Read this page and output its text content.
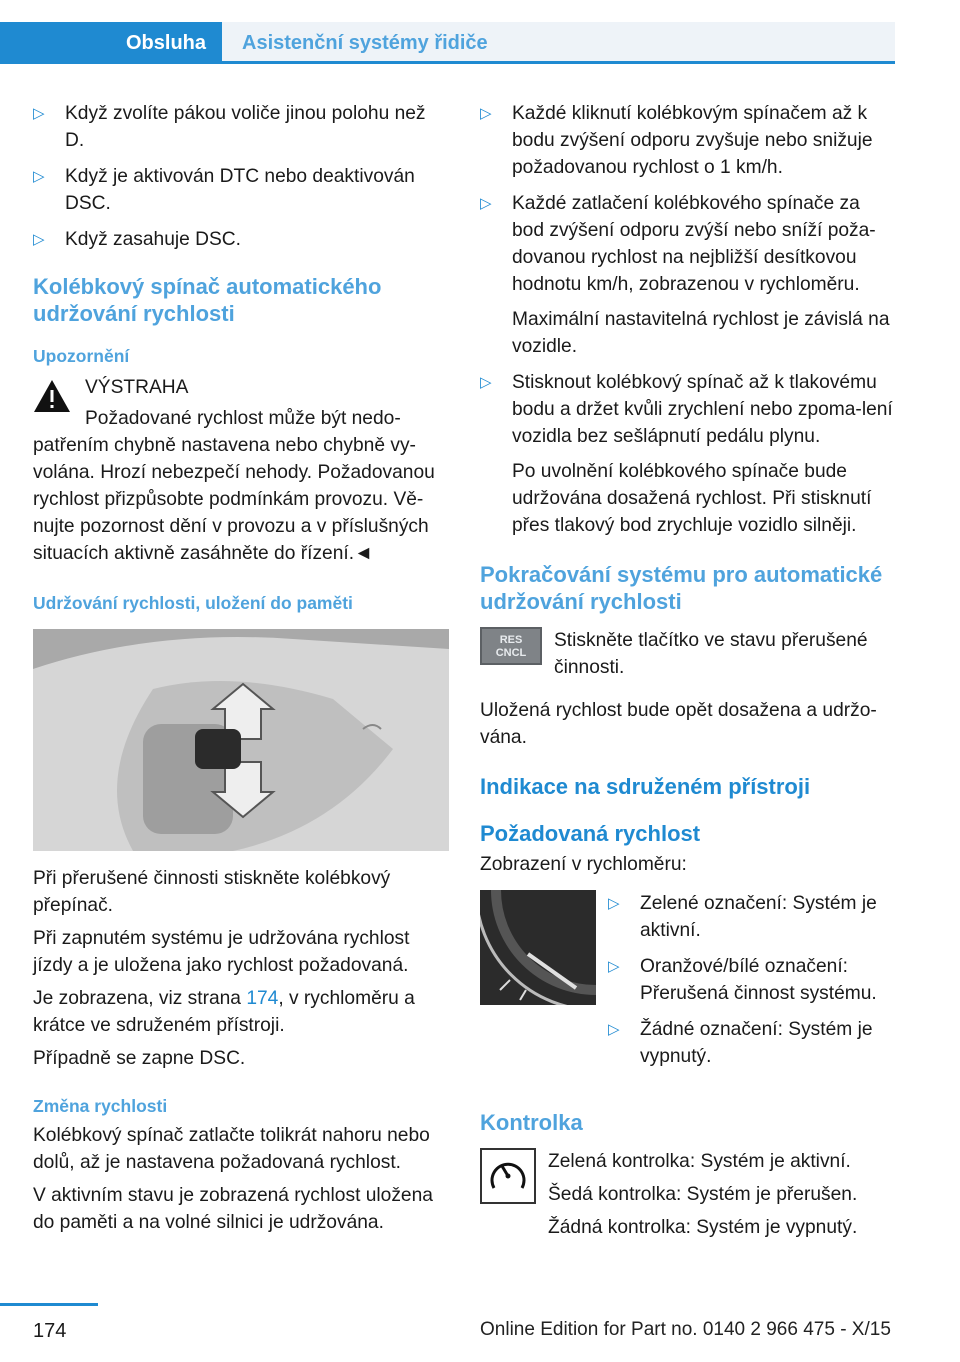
Obsluha	Asistenční systémy řidiče
▷ Když zvolíte pákou voliče jinou polohu než D.
▷ Když je aktivován DTC nebo deaktivován DSC.
▷ Když zasahuje DSC.
Kolébkový spínač automatického udržování rychlosti
Upozornění

VÝSTRAHA

Požadované rychlost může být nedo-patřením chybně nastavena nebo chybně vy-volána. Hrozí nebezpečí nehody. Požadovanou rychlost přizpůsobte podmínkám provozu. Vě-nujte pozornost dění v provozu a v příslušných situacích aktivně zasáhněte do řízení.◄

Udržování rychlosti, uložení do paměti

Při přerušené činnosti stiskněte kolébkový přepínač.

Při zapnutém systému je udržována rychlost jízdy a je uložena jako rychlost požadovaná.

Je zobrazena, viz strana 174, v rychloměru a krátce ve sdruženém přístroji.

Případně se zapne DSC.

Změna rychlosti

Kolébkový spínač zatlačte tolikrát nahoru nebo dolů, až je nastavena požadovaná rychlost.

V aktivním stavu je zobrazená rychlost uložena do paměti a na volné silnici je udržována.

▷ Každé kliknutí kolébkovým spínačem až k bodu zvýšení odporu zvyšuje nebo snižuje požadovanou rychlost o 1 km/h.
▷ Každé zatlačení kolébkového spínače za bod zvýšení odporu zvýší nebo sníží poža-dovanou rychlost na nejbližší desítkovou hodnotu km/h, zobrazenou v rychloměru.

Maximální nastavitelná rychlost je závislá na vozidle.

▷ Stisknout kolébkový spínač až k tlakovému bodu a držet kvůli zrychlení nebo zpoma-lení vozidla bez sešlápnutí pedálu plynu.

Po uvolnění kolébkového spínače bude udržována dosažená rychlost. Při stisknutí přes tlakový bod zrychluje vozidlo silněji.

Pokračování systému pro automatické udržování rychlosti
RES
CNCL

Stiskněte tlačítko ve stavu přerušené činnosti.

Uložená rychlost bude opět dosažena a udržo-vána.

Indikace na sdruženém přístroji
Požadovaná rychlost

Zobrazení v rychloměru:

▷ Zelené označení: Systém je aktivní.
▷ Oranžové/bílé označení: Přerušená činnost systému.
▷ Žádné označení: Systém je vypnutý.
Kontrolka

Zelená kontrolka: Systém je aktivní.

Šedá kontrolka: Systém je přerušen.

Žádná kontrolka: Systém je vypnutý.

174	Online Edition for Part no. 0140 2 966 475 - X/15
